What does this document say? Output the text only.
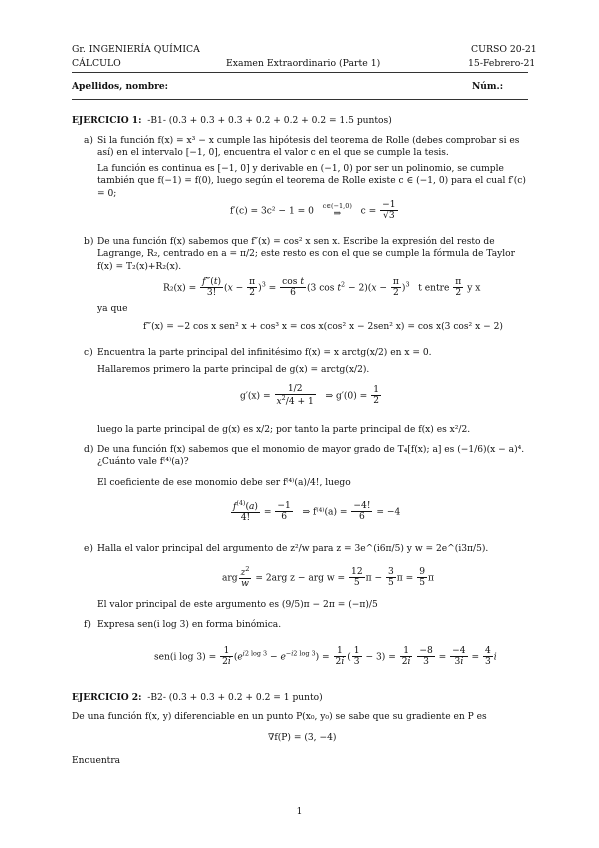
Gr. INGENIERÍA QUÍMICA	CURSO 20-21
CÁLCULO	Examen Extraordinario (Parte 1)	15-Febrero-21
Apellidos, nombre:	Núm.:
EJERCICIO 1: -B1- (0.3 + 0.3 + 0.3 + 0.2 + 0.2 + 0.2 = 1.5 puntos)
a) Si la función f(x) = x³ − x cumple las hipótesis del teorema de Rolle (debes comprobar si es así) en el intervalo [−1, 0], encuentra el valor c en el que se cumple la tesis.
La función es continua es [−1, 0] y derivable en (−1, 0) por ser un polinomio, se cumple también que f(−1) = f(0), luego según el teorema de Rolle existe c ∈ (−1, 0) para el cual f′(c) = 0;
f′(c) = 3c² − 1 = 0
c∈(−1,0)
⇒	$c = \frac{-1}{√3}$
b) De una función f(x) sabemos que f″(x) = cos² x sen x. Escribe la expresión del resto de Lagrange, R₂, centrado en a = π/2; este resto es con el que se cumple la fórmula de Taylor f(x) = T₂(x)+R₂(x).
$R_2(x) = \frac{f‴(t)}{3!} (x - \frac{\pi}{2} )^3 = \frac{\text{cos t}}{6} (3$ $\cos t^2 - 2)(x - \frac{\pi}{2} )^3$ t entre $\frac{\pi}{2}$ y x
ya que
f‴(x) = −2 cos x sen² x + cos³ x = cos x(cos² x − 2sen² x) = cos x(3 cos² x − 2)
c) Encuentra la parte principal del infinitésimo f(x) = x arctg(x/2) en x = 0.
Hallaremos primero la parte principal de g(x) = arctg(x/2).
$g'(x) = \frac{1/2}{x^2/4 + 1}$ ⇒ $g'(0) = \frac{1}{2}$
luego la parte principal de g(x) es x/2; por tanto la parte principal de f(x) es x²/2.
d) De una función f(x) sabemos que el monomio de mayor grado de T₄[f(x); a] es (−1/6)(x − a)⁴. ¿Cuánto vale f⁽⁴⁾(a)?
El coeficiente de ese monomio debe ser f⁽⁴⁾(a)/4!, luego
$\frac{f^{(4)}(a)}{4!} = \frac{-1}{6}$ ⇒ $f^{(4)}(a) = \frac{-4!}{6} = -4$
e) Halla el valor principal del argumento de z²/w para z = 3e^(i6π/5) y w = 2e^(i3π/5).
arg $\frac{z^2}{w} = 2arg$ z − arg $w = \frac{12}{5}$ $\pi - \frac{3}{5}$ $\pi = \frac{9}{5}$ π
El valor principal de este argumento es (9/5)π − 2π = (−π)/5
f) Expresa sen(i log 3) en forma binómica.
sen(i $\log 3) = \frac{1}{2i} (e^{i2 log 3} - e^{-i2 log 3}) = \frac{1}{2i}$ ( $\frac{1}{3} - 3) = \frac{1}{2i}$
$\frac{-8}{3} = \frac{-4}{3i} = \frac{4}{3}$ i
EJERCICIO 2: -B2- (0.3 + 0.3 + 0.2 + 0.2 = 1 punto)
De una función f(x, y) diferenciable en un punto P(x₀, y₀) se sabe que su gradiente en P es
∇f(P) = (3, −4)
Encuentra
1
